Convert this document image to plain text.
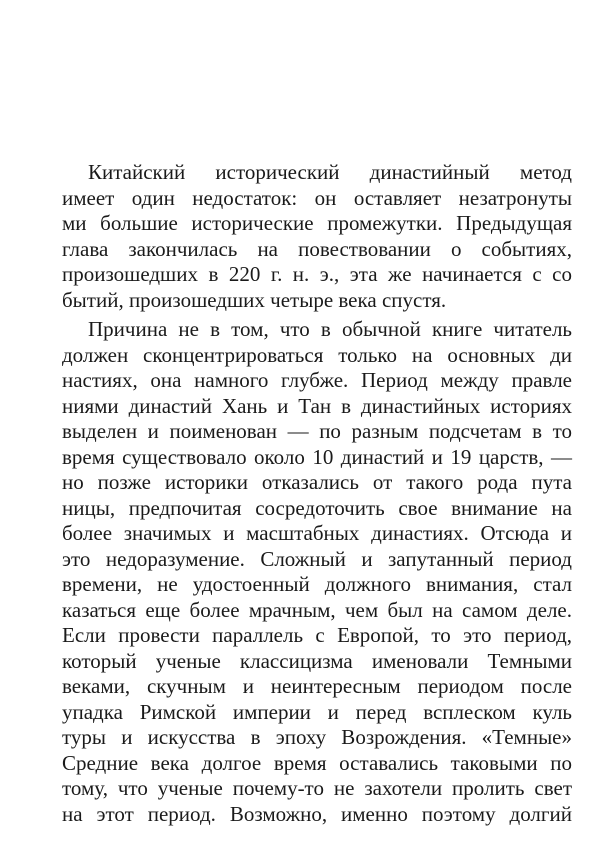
Китайский исторический династийный метод
имеет один недостаток: он оставляет незатронуты
ми большие исторические промежутки. Предыдущая
глава закончилась на повествовании о событиях,
произошедших в 220 г. н. э., эта же начинается с со
бытий, произошедших четыре века спустя.

Причина не в том, что в обычной книге читатель
должен сконцентрироваться только на основных ди
настиях, она намного глубже. Период между правле
ниями династий Хань и Тан в династийных историях
выделен и поименован — по разным подсчетам в то
время существовало около 10 династий и 19 царств, —
но позже историки отказались от такого рода пута
ницы, предпочитая сосредоточить свое внимание на
более значимых и масштабных династиях. Отсюда и
это недоразумение. Сложный и запутанный период
времени, не удостоенный должного внимания, стал
казаться еще более мрачным, чем был на самом деле.
Если провести параллель с Европой, то это период,
который ученые классицизма именовали Темными
веками, скучным и неинтересным периодом после
упадка Римской империи и перед всплеском куль
туры и искусства в эпоху Возрождения. «Темные»
Средние века долгое время оставались таковыми по
тому, что ученые почему-то не захотели пролить свет
на этот период. Возможно, именно поэтому долгий
